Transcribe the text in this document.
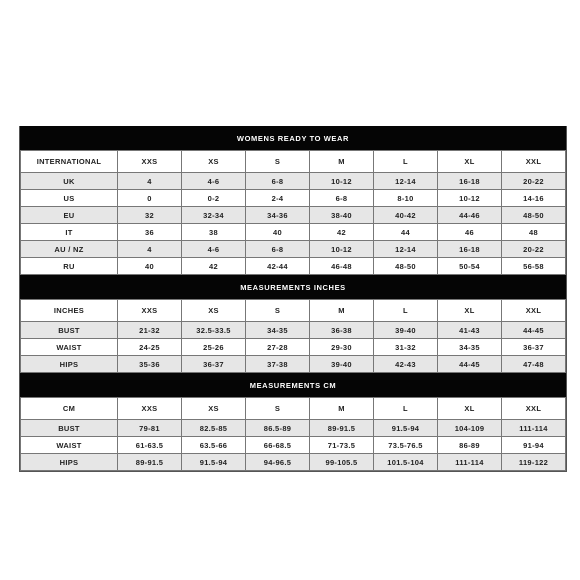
WOMENS READY TO WEAR
INTERNATIONAL	XXS	XS	S	M	L	XL	XXL
UK	4	4-6	6-8	10-12	12-14	16-18	20-22
US	0	0-2	2-4	6-8	8-10	10-12	14-16
EU	32	32-34	34-36	38-40	40-42	44-46	48-50
IT	36	38	40	42	44	46	48
AU / NZ	4	4-6	6-8	10-12	12-14	16-18	20-22
RU	40	42	42-44	46-48	48-50	50-54	56-58
MEASUREMENTS INCHES
INCHES	XXS	XS	S	M	L	XL	XXL
BUST	21-32	32.5-33.5	34-35	36-38	39-40	41-43	44-45
WAIST	24-25	25-26	27-28	29-30	31-32	34-35	36-37
HIPS	35-36	36-37	37-38	39-40	42-43	44-45	47-48
MEASUREMENTS CM
CM	XXS	XS	S	M	L	XL	XXL
BUST	79-81	82.5-85	86.5-89	89-91.5	91.5-94	104-109	111-114
WAIST	61-63.5	63.5-66	66-68.5	71-73.5	73.5-76.5	86-89	91-94
HIPS	89-91.5	91.5-94	94-96.5	99-105.5	101.5-104	111-114	119-122
